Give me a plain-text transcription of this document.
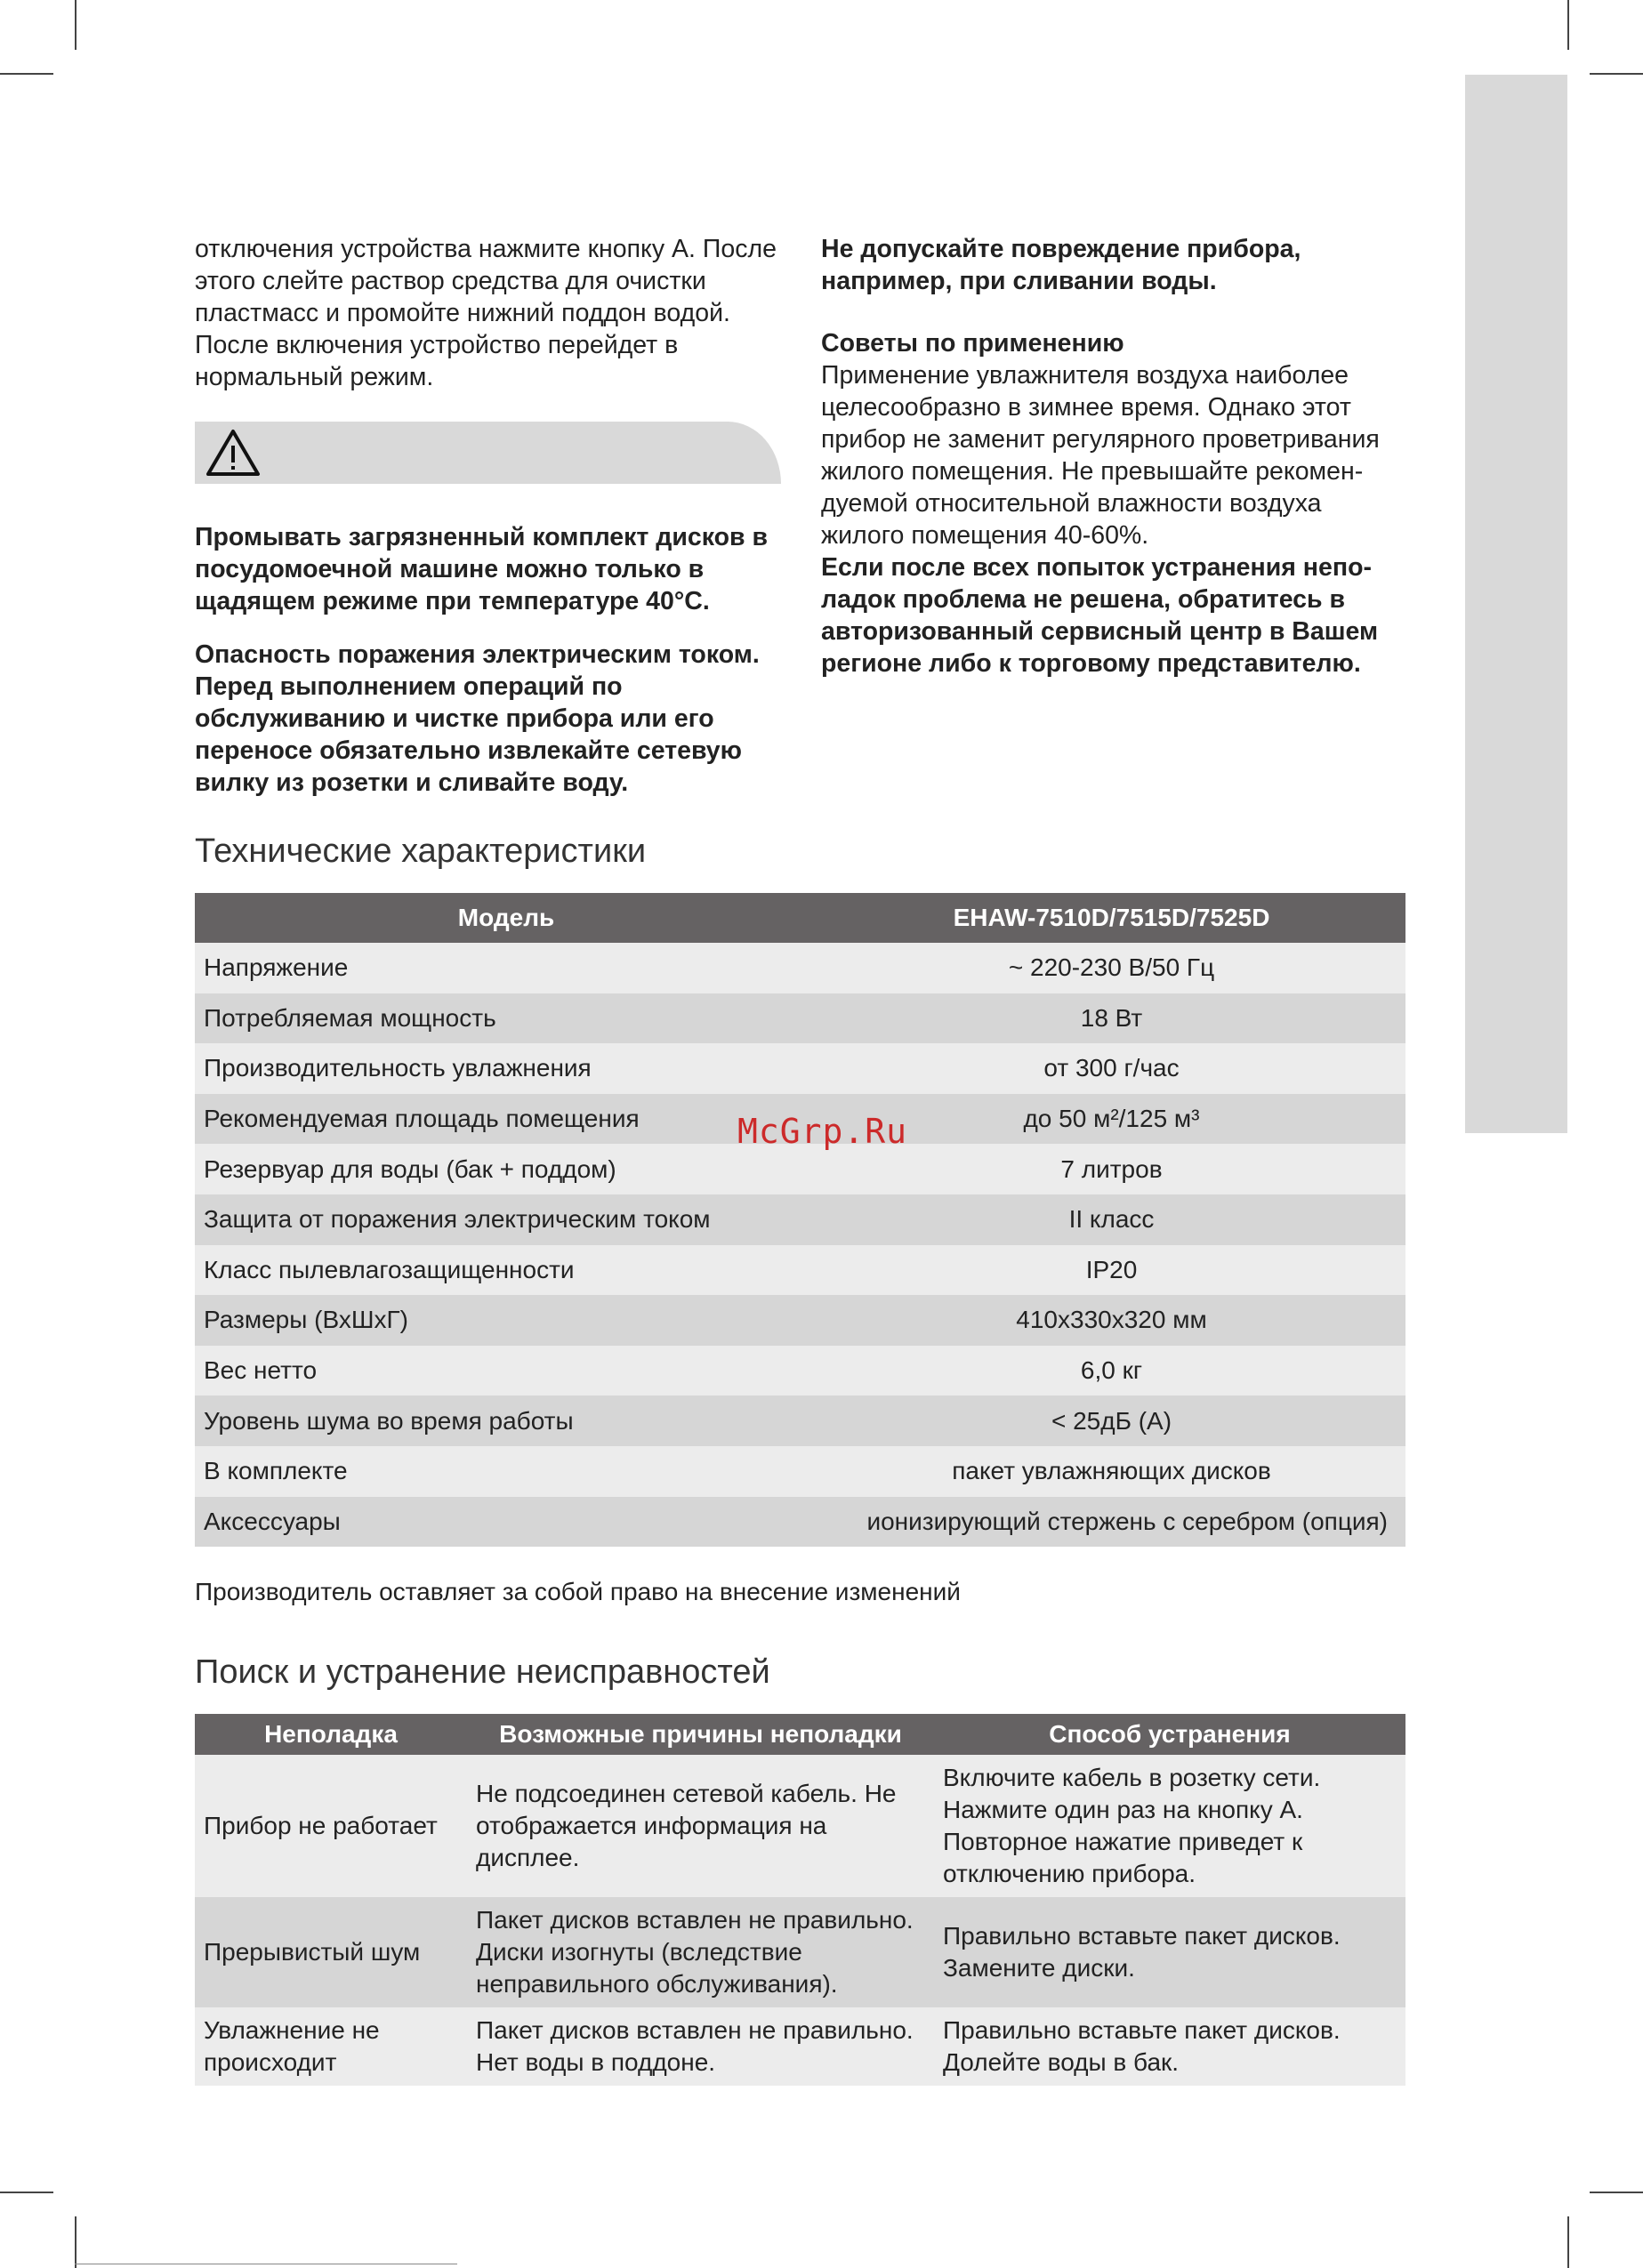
отключения устройства нажмите кнопку A. После этого слейте раствор средства для очистки пластмасс и промойте нижний поддон водой. После включения устройство перейдет в нормальный режим.

Промывать загрязненный комплект дисков в посудомоечной машине можно только в щадящем режиме при температуре 40°С.

Опасность поражения электрическим током. Перед выполнением операций по обслуживанию и чистке прибора или его переносе обязательно извлекайте сетевую вилку из розетки и сливайте воду.

Не допускайте повреждение прибора, например, при сливании воды.

Советы по применению

Применение увлажнителя воздуха наиболее целесообразно в зимнее время. Однако этот прибор не заменит регулярного проветривания жилого помещения. Не превышайте рекомен-дуемой относительной влажности воздуха жилого помещения 40-60%.

Если после всех попыток устранения непо-ладок проблема не решена, обратитесь в авторизованный сервисный центр в Вашем регионе либо к торговому представителю.

Технические характеристики
Модель	EHAW-7510D/7515D/7525D
Напряжение	~ 220-230 В/50 Гц
Потребляемая мощность	18 Вт
Производительность увлажнения	от 300 г/час
Рекомендуемая площадь помещения	до 50 м²/125 м³
Резервуар для воды (бак + поддом)	7 литров
Защита от поражения электрическим током	II класс
Класс пылевлагозащищенности	IP20
Размеры (ВхШхГ)	410х330х320 мм
Вес нетто	6,0 кг
Уровень шума во время работы	< 25дБ (А)
В комплекте	пакет увлажняющих дисков
Аксессуары	ионизирующий стержень с серебром (опция)
McGrp.Ru
Производитель оставляет за собой право на внесение изменений
Поиск и устранение неисправностей
Неполадка	Возможные причины неполадки	Способ устранения
Прибор не работает	Не подсоединен сетевой кабель. Не отображается информация на дисплее.	Включите кабель в розетку сети. Нажмите один раз на кнопку A. Повторное нажатие приведет к отключению прибора.
Прерывистый шум	Пакет дисков вставлен не правильно. Диски изогнуты (вследствие неправильного обслуживания).	Правильно вставьте пакет дисков. Замените диски.
Увлажнение не происходит	Пакет дисков вставлен не правильно. Нет воды в поддоне.	Правильно вставьте пакет дисков. Долейте воды в бак.
